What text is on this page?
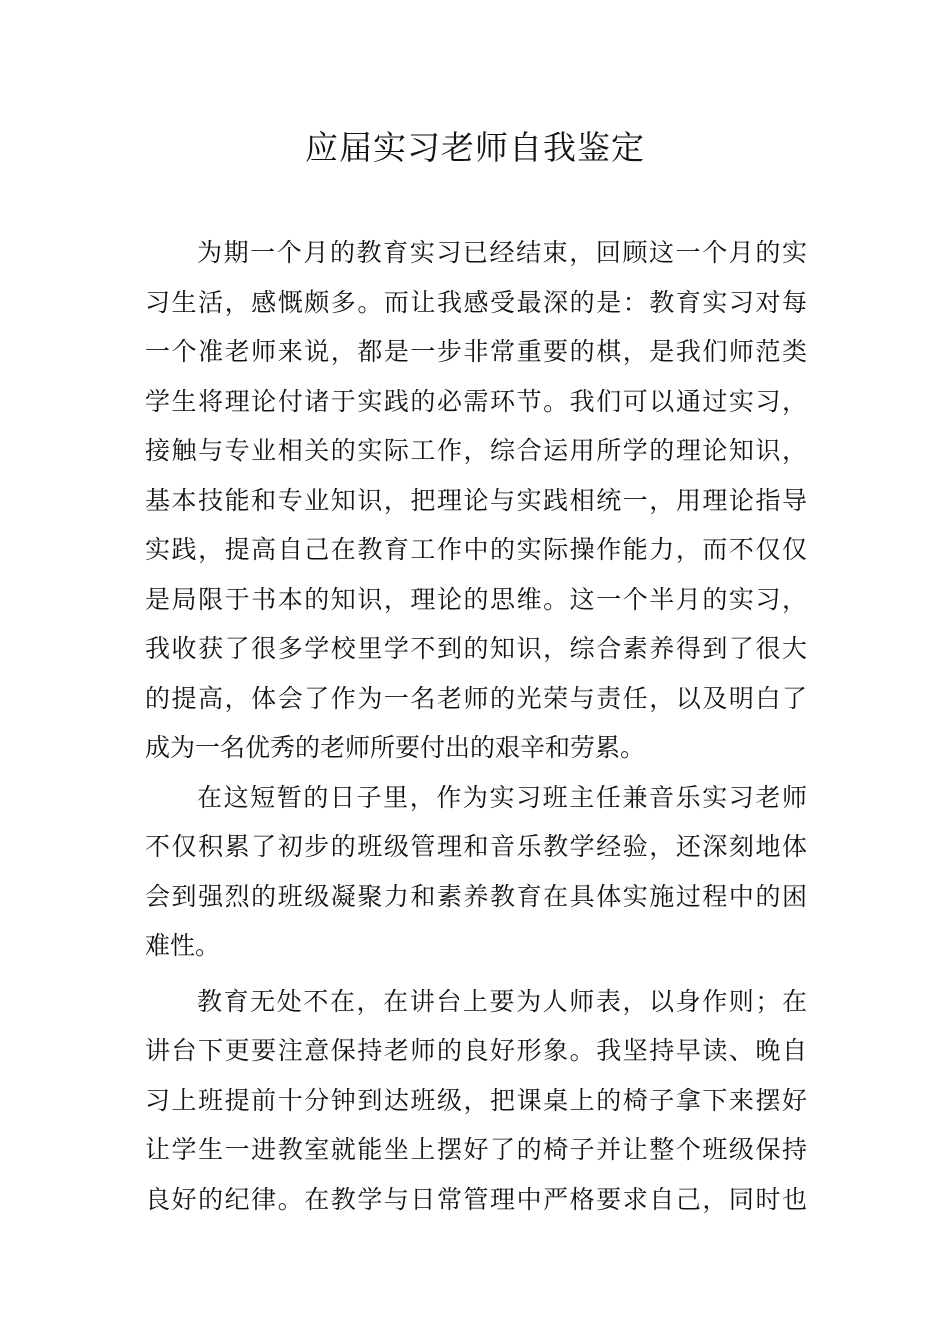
应届实习老师自我鉴定
为期一个月的教育实习已经结束，回顾这一个月的实
习生活，感慨颇多。而让我感受最深的是：教育实习对每
一个准老师来说，都是一步非常重要的棋，是我们师范类
学生将理论付诸于实践的必需环节。我们可以通过实习，
接触与专业相关的实际工作，综合运用所学的理论知识，
基本技能和专业知识，把理论与实践相统一，用理论指导
实践，提高自己在教育工作中的实际操作能力，而不仅仅
是局限于书本的知识，理论的思维。这一个半月的实习，
我收获了很多学校里学不到的知识，综合素养得到了很大
的提高，体会了作为一名老师的光荣与责任，以及明白了
成为一名优秀的老师所要付出的艰辛和劳累。
在这短暂的日子里，作为实习班主任兼音乐实习老师
不仅积累了初步的班级管理和音乐教学经验，还深刻地体
会到强烈的班级凝聚力和素养教育在具体实施过程中的困
难性。
教育无处不在，在讲台上要为人师表，以身作则；在
讲台下更要注意保持老师的良好形象。我坚持早读、晚自
习上班提前十分钟到达班级，把课桌上的椅子拿下来摆好
让学生一进教室就能坐上摆好了的椅子并让整个班级保持
良好的纪律。在教学与日常管理中严格要求自己，同时也
